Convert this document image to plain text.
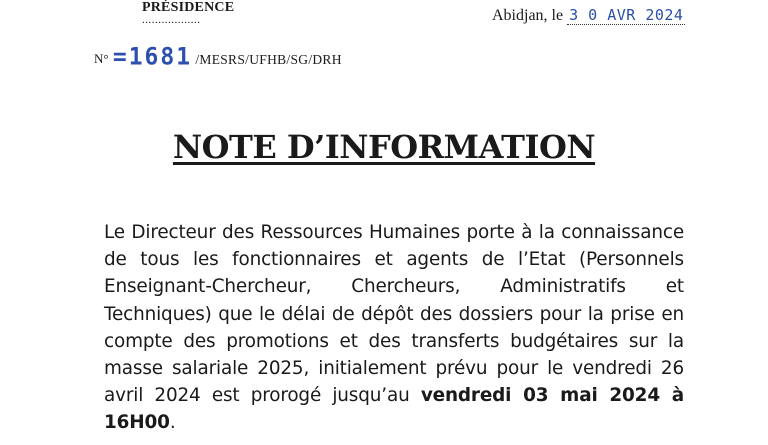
PRÉSIDENCE
..................	Abidjan, le 3 0 AVR 2024
N° =1681 /MESRS/UFHB/SG/DRH
NOTE D’INFORMATION

Le Directeur des Ressources Humaines porte à la connaissance de tous les fonctionnaires et agents de l’Etat (Personnels Enseignant-Chercheur, Chercheurs, Administratifs et Techniques) que le délai de dépôt des dossiers pour la prise en compte des promotions et des transferts budgétaires sur la masse salariale 2025, initialement prévu pour le vendredi 26 avril 2024 est prorogé jusqu’au vendredi 03 mai 2024 à 16H00.
